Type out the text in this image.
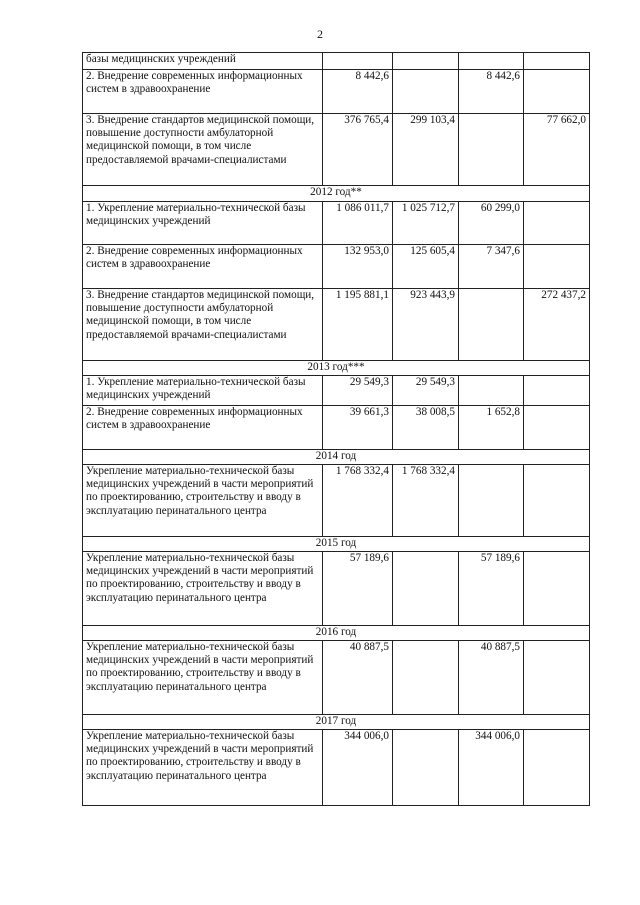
2
базы медицинских учреждений				
2. Внедрение современных информационных систем в здравоохранение	8 442,6		8 442,6	
3. Внедрение стандартов медицинской помощи, повышение доступности амбулаторной медицинской помощи, в том числе предоставляемой врачами-специалистами	376 765,4	299 103,4		77 662,0
2012 год**				
1. Укрепление материально-технической базы медицинских учреждений	1 086 011,7	1 025 712,7	60 299,0	
2. Внедрение современных информационных систем в здравоохранение	132 953,0	125 605,4	7 347,6	
3. Внедрение стандартов медицинской помощи, повышение доступности амбулаторной медицинской помощи, в том числе предоставляемой врачами-специалистами	1 195 881,1	923 443,9		272 437,2
2013 год***				
1. Укрепление материально-технической базы медицинских учреждений	29 549,3	29 549,3		
2. Внедрение современных информационных систем в здравоохранение	39 661,3	38 008,5	1 652,8	
2014 год				
Укрепление материально-технической базы медицинских учреждений в части мероприятий по проектированию, строительству и вводу в эксплуатацию перинатального центра	1 768 332,4	1 768 332,4		
2015 год				
Укрепление материально-технической базы медицинских учреждений в части мероприятий по проектированию, строительству и вводу в эксплуатацию перинатального центра	57 189,6		57 189,6	
2016 год				
Укрепление материально-технической базы медицинских учреждений в части мероприятий по проектированию, строительству и вводу в эксплуатацию перинатального центра	40 887,5		40 887,5	
2017 год				
Укрепление материально-технической базы медицинских учреждений в части мероприятий по проектированию, строительству и вводу в эксплуатацию перинатального центра	344 006,0		344 006,0	
